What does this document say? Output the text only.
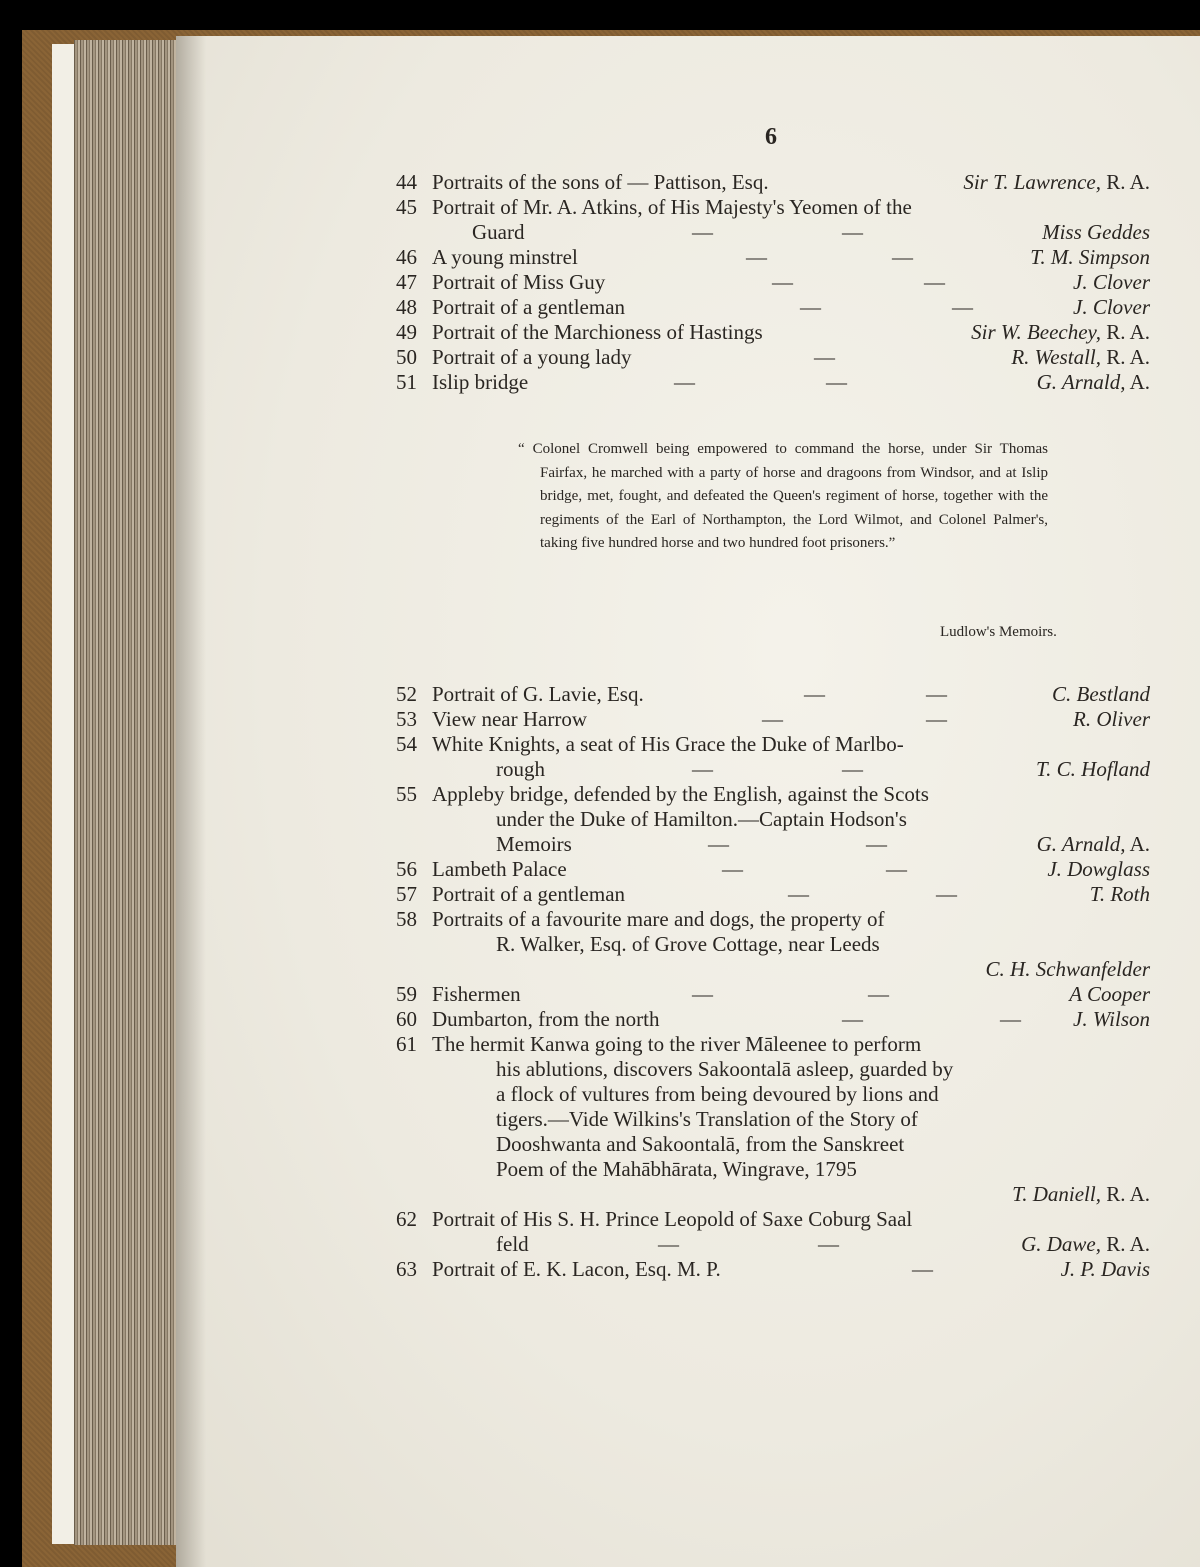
6
44 Portraits of the sons of — Pattison, Esq.	Sir T. Lawrence, R. A.
45 Portrait of Mr. A. Atkins, of His Majesty's Yeomen of the
Guard	—	—	Miss Geddes
46 A young minstrel	—	—	T. M. Simpson
47 Portrait of Miss Guy	—	—	J. Clover
48 Portrait of a gentleman	—	—	J. Clover
49 Portrait of the Marchioness of Hastings	Sir W. Beechey, R. A.
50 Portrait of a young lady	—	R. Westall, R. A.
51 Islip bridge	—	—	G. Arnald, A.

“ Colonel Cromwell being empowered to command the horse, under Sir Thomas Fairfax, he marched with a party of horse and dragoons from Windsor, and at Islip bridge, met, fought, and defeated the Queen's regiment of horse, together with the regiments of the Earl of Northampton, the Lord Wilmot, and Colonel Palmer's, taking five hundred horse and two hundred foot prisoners.”

Ludlow's Memoirs.
52 Portrait of G. Lavie, Esq.	—	—	C. Bestland
53 View near Harrow	—	—	R. Oliver
54 White Knights, a seat of His Grace the Duke of Marlbo-
rough	—	—	T. C. Hofland
55 Appleby bridge, defended by the English, against the Scots
under the Duke of Hamilton.—Captain Hodson's
Memoirs	—	—	G. Arnald, A.
56 Lambeth Palace	—	—	J. Dowglass
57 Portrait of a gentleman	—	—	T. Roth
58 Portraits of a favourite mare and dogs, the property of
R. Walker, Esq. of Grove Cottage, near Leeds
C. H. Schwanfelder
59 Fishermen	—	—	A Cooper
60 Dumbarton, from the north	—	— J. Wilson
61 The hermit Kanwa going to the river Māleenee to perform
his ablutions, discovers Sakoontalā asleep, guarded by
a flock of vultures from being devoured by lions and
tigers.—Vide Wilkins's Translation of the Story of
Dooshwanta and Sakoontalā, from the Sanskreet
Poem of the Mahābhārata, Wingrave, 1795
T. Daniell, R. A.
62 Portrait of His S. H. Prince Leopold of Saxe Coburg Saal
feld	—	—	G. Dawe, R. A.
63 Portrait of E. K. Lacon, Esq. M. P.	—	J. P. Davis
